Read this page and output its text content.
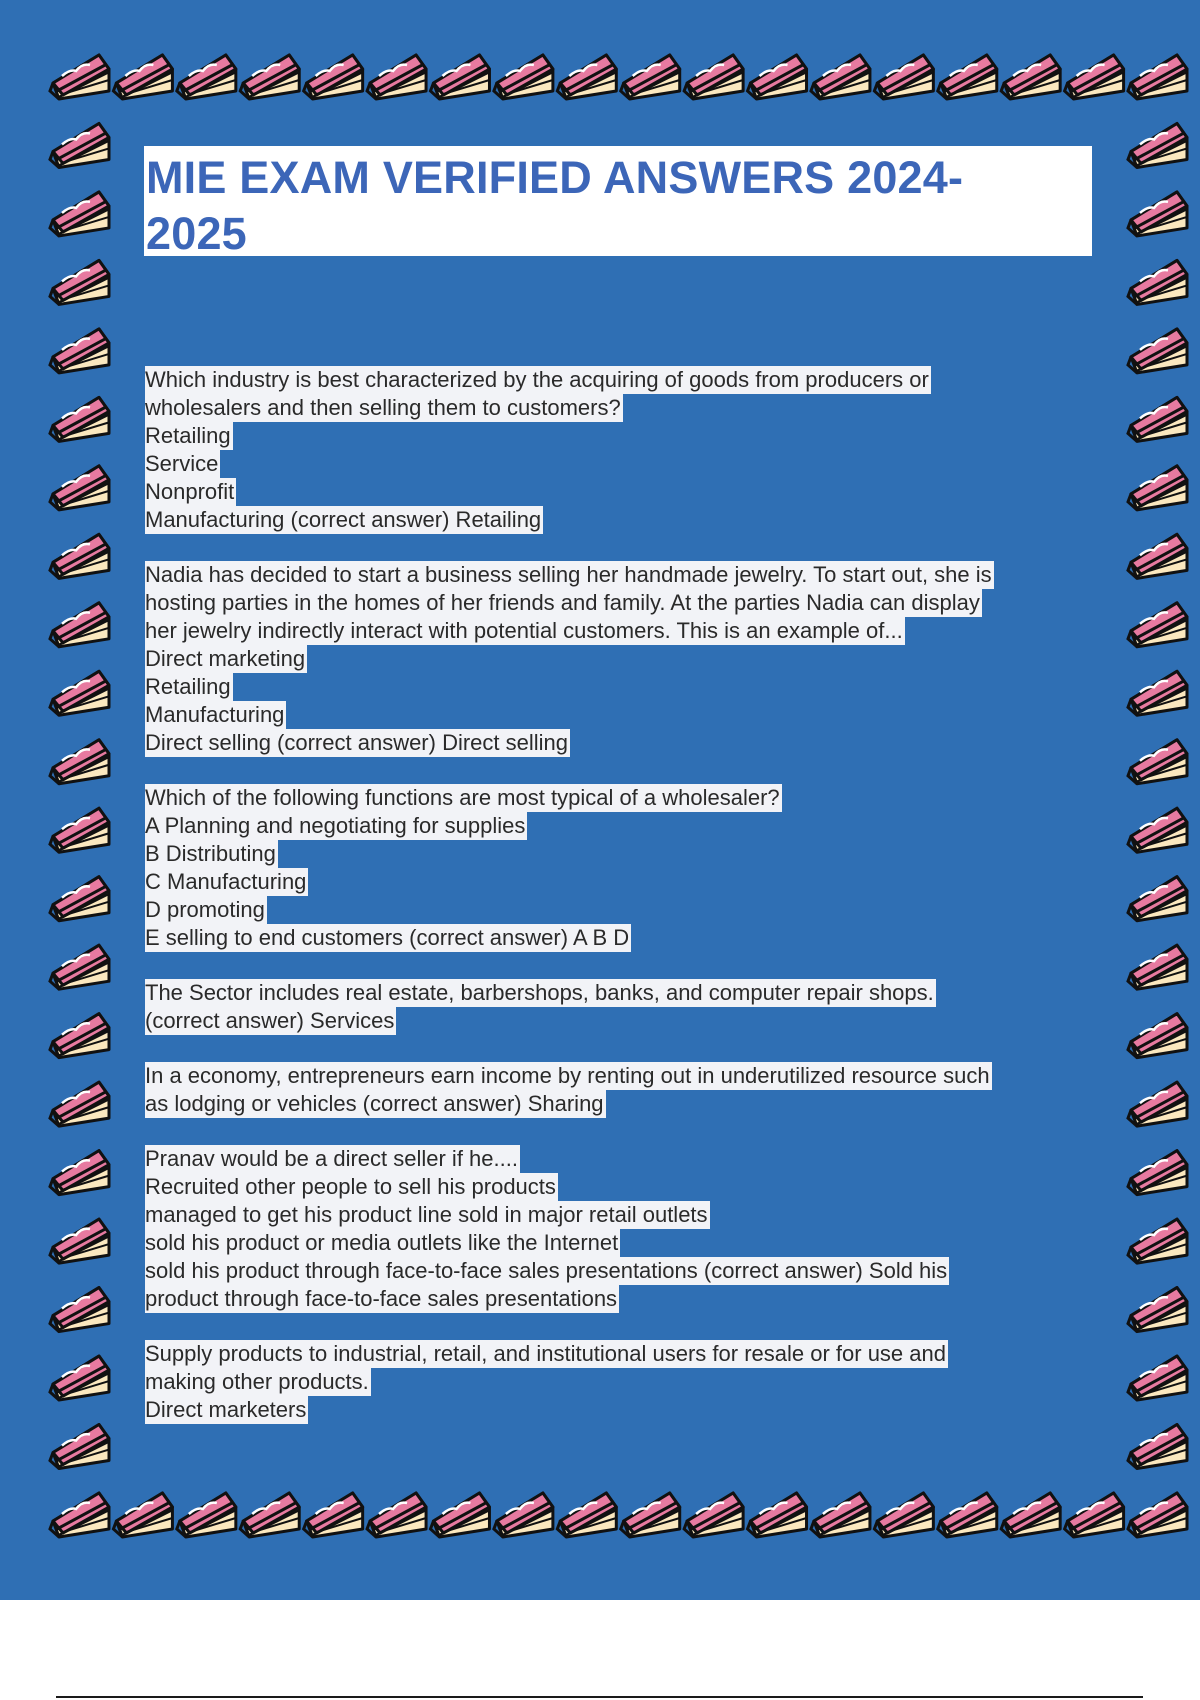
MIE EXAM VERIFIED ANSWERS 2024-
2025
Which industry is best characterized by the acquiring of goods from producers or
wholesalers and then selling them to customers?
Retailing
Service
Nonprofit
Manufacturing (correct answer) Retailing
Nadia has decided to start a business selling her handmade jewelry. To start out, she is
hosting parties in the homes of her friends and family. At the parties Nadia can display
her jewelry indirectly interact with potential customers. This is an example of...
Direct marketing
Retailing
Manufacturing
Direct selling (correct answer) Direct selling
Which of the following functions are most typical of a wholesaler?
A Planning and negotiating for supplies
B Distributing
C Manufacturing
D promoting
E selling to end customers (correct answer) A B D
The Sector includes real estate, barbershops, banks, and computer repair shops.
(correct answer) Services
In a economy, entrepreneurs earn income by renting out in underutilized resource such
as lodging or vehicles (correct answer) Sharing
Pranav would be a direct seller if he....
Recruited other people to sell his products
managed to get his product line sold in major retail outlets
sold his product or media outlets like the Internet
sold his product through face-to-face sales presentations (correct answer) Sold his
product through face-to-face sales presentations
Supply products to industrial, retail, and institutional users for resale or for use and
making other products.
Direct marketers
